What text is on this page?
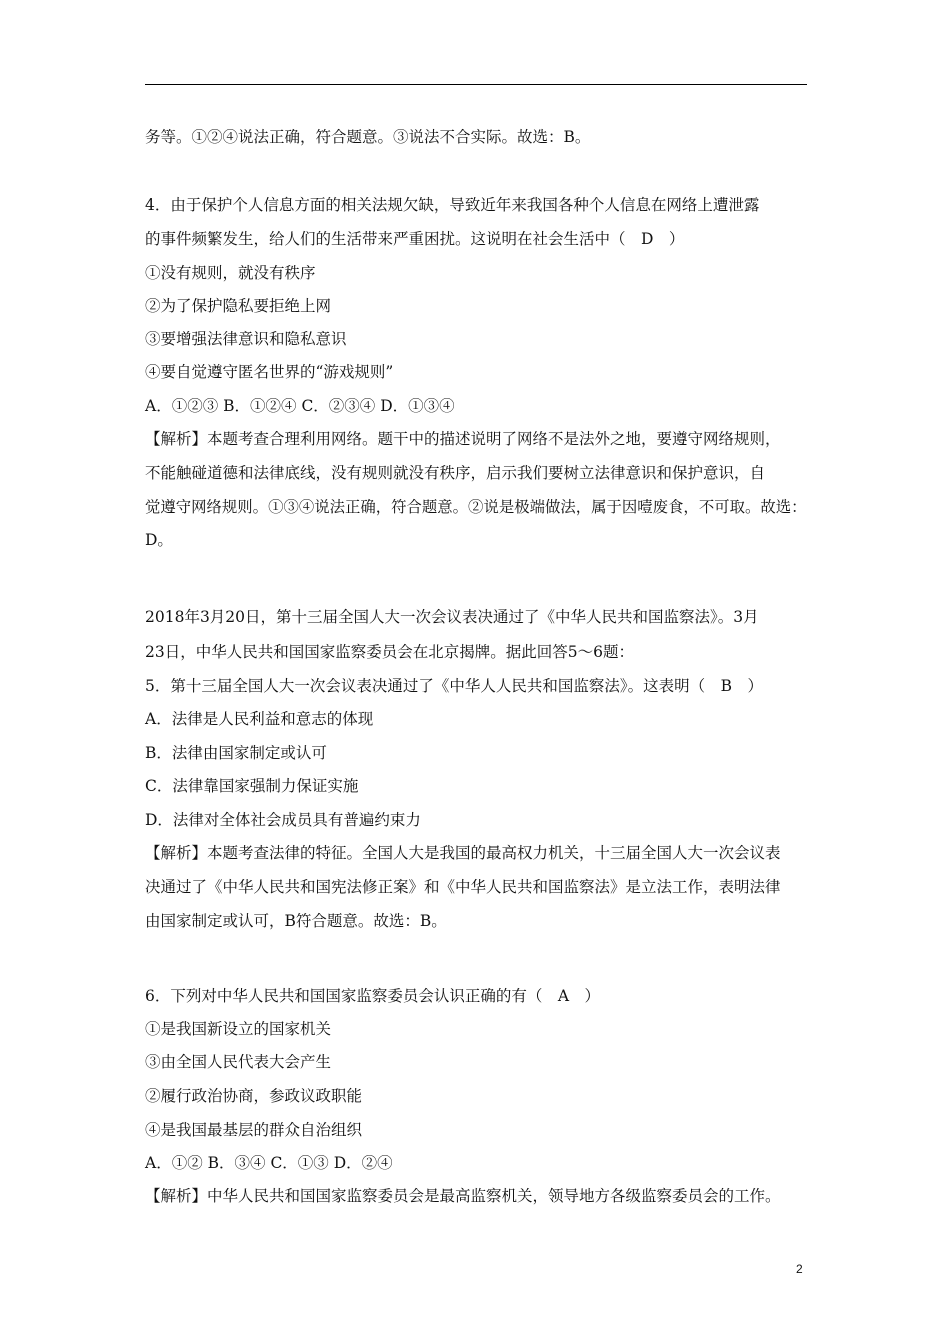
务等。①②④说法正确，符合题意。③说法不合实际。故选：B。
4．由于保护个人信息方面的相关法规欠缺，导致近年来我国各种个人信息在网络上遭泄露
的事件频繁发生，给人们的生活带来严重困扰。这说明在社会生活中（　D　）
①没有规则，就没有秩序
②为了保护隐私要拒绝上网
③要增强法律意识和隐私意识
④要自觉遵守匿名世界的“游戏规则”
A．①②③ B．①②④ C．②③④ D．①③④
【解析】本题考查合理利用网络。题干中的描述说明了网络不是法外之地，要遵守网络规则，
不能触碰道德和法律底线，没有规则就没有秩序，启示我们要树立法律意识和保护意识，自
觉遵守网络规则。①③④说法正确，符合题意。②说是极端做法，属于因噎废食，不可取。故选：
D。
2018年3月20日，第十三届全国人大一次会议表决通过了《中华人民共和国监察法》。3月
23日，中华人民共和国国家监察委员会在北京揭牌。据此回答5～6题：
5．第十三届全国人大一次会议表决通过了《中华人人民共和国监察法》。这表明（　B　）
A．法律是人民利益和意志的体现
B．法律由国家制定或认可
C．法律靠国家强制力保证实施
D．法律对全体社会成员具有普遍约束力
【解析】本题考查法律的特征。全国人大是我国的最高权力机关，十三届全国人大一次会议表
决通过了《中华人民共和国宪法修正案》和《中华人民共和国监察法》是立法工作，表明法律
由国家制定或认可，B符合题意。故选：B。
6．下列对中华人民共和国国家监察委员会认识正确的有（　A　）
①是我国新设立的国家机关
③由全国人民代表大会产生
②履行政治协商，参政议政职能
④是我国最基层的群众自治组织
A．①② B．③④ C．①③ D．②④
【解析】中华人民共和国国家监察委员会是最高监察机关，领导地方各级监察委员会的工作。
2
